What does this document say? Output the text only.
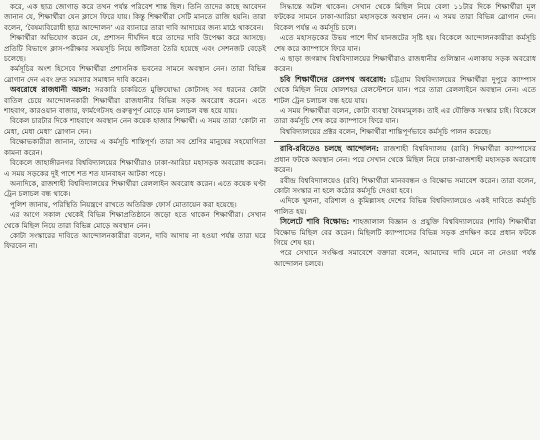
করে, এক ছাত্র জোগাড় করে তখন পর্যন্ত পরিবেশ শান্ত ছিল। তিনি তাদের কাছে আবেদন জানান যে, শিক্ষার্থীরা যেন ক্লাসে ফিরে যায়। কিন্তু শিক্ষার্থীরা সেটি মানতে রাজি হয়নি। তারা বলেন, ‘বৈষম্যবিরোধী ছাত্র আন্দোলন’ এর ব্যানারে তারা দাবি আদায়ের জন্য মাঠে থাকবেন।

শিক্ষার্থীরা অভিযোগ করেন যে, প্রশাসন দীর্ঘদিন ধরে তাদের দাবি উপেক্ষা করে আসছে। প্রতিটি বিভাগে ক্লাস-পরীক্ষার সময়সূচি নিয়ে জটিলতা তৈরি হয়েছে এবং সেশনজট বেড়েই চলেছে।

কর্মসূচির অংশ হিসেবে শিক্ষার্থীরা প্রশাসনিক ভবনের সামনে অবস্থান নেন। তারা বিভিন্ন স্লোগান দেন এবং দ্রুত সমস্যার সমাধান দাবি করেন।

অবরোধে রাজধানী অচল: সরকারি চাকরিতে মুক্তিযোদ্ধা কোটাসহ সব ধরনের কোটা বাতিল চেয়ে আন্দোলনকারী শিক্ষার্থীরা রাজধানীর বিভিন্ন সড়ক অবরোধ করেন। এতে শাহবাগ, কারওয়ান বাজার, ফার্মগেটসহ গুরুত্বপূর্ণ মোড়ে যান চলাচল বন্ধ হয়ে যায়।

বিকেল চারটার দিকে শাহবাগে অবস্থান নেন কয়েক হাজার শিক্ষার্থী। এ সময় তারা ‘কোটা না মেধা, মেধা মেধা’ স্লোগান দেন।

বিক্ষোভকারীরা জানান, তাদের এ কর্মসূচি শান্তিপূর্ণ। তারা সব শ্রেণির মানুষের সহযোগিতা কামনা করেন।

বিকেলে জাহাঙ্গীরনগর বিশ্ববিদ্যালয়ের শিক্ষার্থীরাও ঢাকা-আরিচা মহাসড়ক অবরোধ করেন। এ সময় সড়কের দুই পাশে শত শত যানবাহন আটকা পড়ে।

অন্যদিকে, রাজশাহী বিশ্ববিদ্যালয়ের শিক্ষার্থীরা রেললাইন অবরোধ করেন। এতে কয়েক ঘণ্টা ট্রেন চলাচল বন্ধ থাকে।

পুলিশ জানায়, পরিস্থিতি নিয়ন্ত্রণে রাখতে অতিরিক্ত ফোর্স মোতায়েন করা হয়েছে।

এর আগে সকাল থেকেই বিভিন্ন শিক্ষাপ্রতিষ্ঠানে জড়ো হতে থাকেন শিক্ষার্থীরা। সেখান থেকে মিছিল নিয়ে তারা বিভিন্ন মোড়ে অবস্থান নেন।

কোটা সংস্কারের দাবিতে আন্দোলনকারীরা বলেন, দাবি আদায় না হওয়া পর্যন্ত তারা ঘরে ফিরবেন না।

সিদ্ধান্তে অটল থাকেন। সেখান থেকে মিছিল নিয়ে বেলা ১১টার দিকে শিক্ষার্থীরা মূল ফটকের সামনে ঢাকা-আরিচা মহাসড়কে অবস্থান নেন। এ সময় তারা বিভিন্ন স্লোগান দেন। বিকেল পর্যন্ত এ কর্মসূচি চলে।

এতে মহাসড়কের উভয় পাশে দীর্ঘ যানজটের সৃষ্টি হয়। বিকেলে আন্দোলনকারীরা কর্মসূচি শেষ করে ক্যাম্পাসে ফিরে যান।

এ ছাড়া জগন্নাথ বিশ্ববিদ্যালয়ের শিক্ষার্থীরাও রাজধানীর গুলিস্তান এলাকায় সড়ক অবরোধ করেন।

চবি শিক্ষার্থীদের রেলপথ অবরোধ: চট্টগ্রাম বিশ্ববিদ্যালয়ের শিক্ষার্থীরা দুপুরে ক্যাম্পাস থেকে মিছিল নিয়ে ষোলশহর রেলস্টেশনে যান। পরে তারা রেললাইনে অবস্থান নেন। এতে শাটল ট্রেন চলাচল বন্ধ হয়ে যায়।

এ সময় শিক্ষার্থীরা বলেন, কোটা ব্যবস্থা বৈষম্যমূলক। তাই এর যৌক্তিক সংস্কার চাই। বিকেলে তারা কর্মসূচি শেষ করে ক্যাম্পাসে ফিরে যান।

বিশ্ববিদ্যালয়ের প্রক্টর বলেন, শিক্ষার্থীরা শান্তিপূর্ণভাবে কর্মসূচি পালন করেছে।

রাবি-রবিতেও চলছে আন্দোলন: রাজশাহী বিশ্ববিদ্যালয় (রাবি) শিক্ষার্থীরা ক্যাম্পাসের প্রধান ফটকে অবস্থান নেন। পরে সেখান থেকে মিছিল নিয়ে ঢাকা-রাজশাহী মহাসড়ক অবরোধ করেন।

রবীন্দ্র বিশ্ববিদ্যালয়েও (রবি) শিক্ষার্থীরা মানববন্ধন ও বিক্ষোভ সমাবেশ করেন। তারা বলেন, কোটা সংস্কার না হলে কঠোর কর্মসূচি দেওয়া হবে।

এদিকে খুলনা, বরিশাল ও কুমিল্লাসহ দেশের বিভিন্ন বিশ্ববিদ্যালয়েও একই দাবিতে কর্মসূচি পালিত হয়।

সিলেটে শাবি বিক্ষোভ: শাহজালাল বিজ্ঞান ও প্রযুক্তি বিশ্ববিদ্যালয়ের (শাবি) শিক্ষার্থীরা বিক্ষোভ মিছিল বের করেন। মিছিলটি ক্যাম্পাসের বিভিন্ন সড়ক প্রদক্ষিণ করে প্রধান ফটকে গিয়ে শেষ হয়।

পরে সেখানে সংক্ষিপ্ত সমাবেশে বক্তারা বলেন, আমাদের দাবি মেনে না নেওয়া পর্যন্ত আন্দোলন চলবে।
